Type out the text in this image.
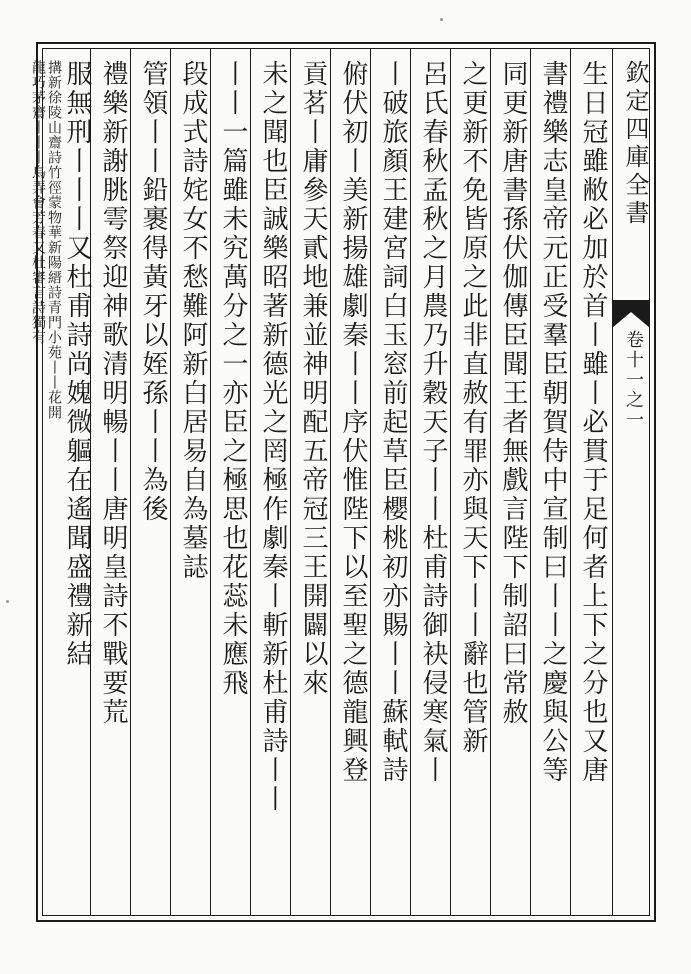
欽定四庫全書
卷十一之一
生日冠雖敝必加於首丨雖丨必貫于足何者上下之分也又唐
書禮樂志皇帝元正受羣臣朝賀侍中宣制曰丨丨之慶與公等
同更新唐書孫伏伽傳臣聞王者無戲言陛下制詔曰常赦
之更新不免皆原之此非直赦有罪亦與天下丨丨辭也管新
呂氏春秋孟秋之月農乃升穀天子丨丨杜甫詩御袂侵寒氣丨
丨破旅顏王建宮詞白玉窓前起草臣櫻桃初亦賜丨丨蘇軾詩
俯伏初丨美新揚雄劇秦丨丨序伏惟陛下以至聖之德龍興登
貢茗丨庸參天貳地兼並神明配五帝冠三王開闢以來
未之聞也臣誠樂昭著新德光之罔極作劇秦丨斬新杜甫詩丨丨
丨丨一篇雖未究萬分之一亦臣之極思也花蕊未應飛
段成式詩姹女不愁難阿新白居易自為墓誌
管領丨丨鉛裹得黃牙以姪孫丨丨為後
禮樂新謝朓雩祭迎神歌清明暢丨丨唐明皇詩不戰要荒
服無刑丨丨丨又杜甫詩尚媿微軀在遙聞盛禮新結
搆新徐陵山齋詩竹徑蒙物華新陽縉詩青門小苑丨丨花開
龍巧茅齋丨丨丨鳥弄會芳春又杜審言詩獨有
